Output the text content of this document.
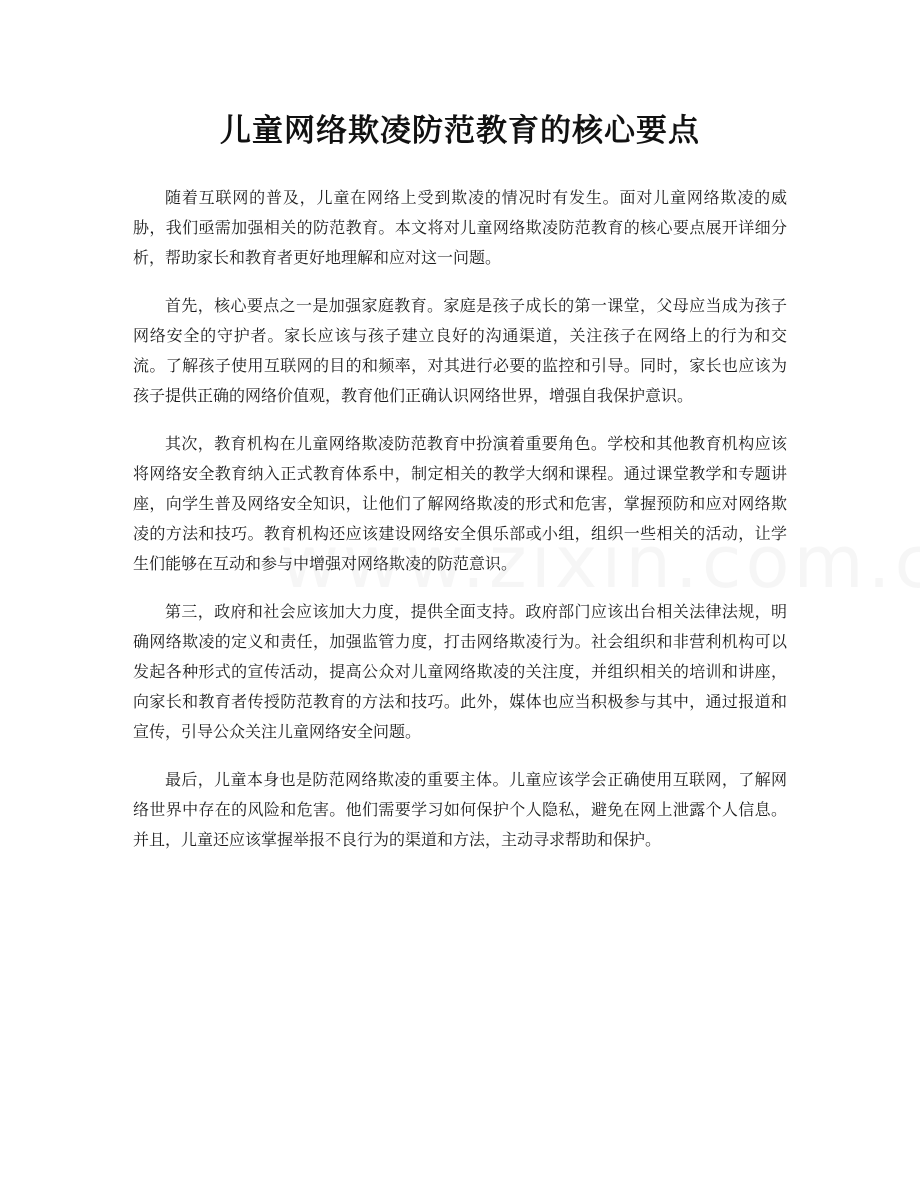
儿童网络欺凌防范教育的核心要点

随着互联网的普及，儿童在网络上受到欺凌的情况时有发生。面对儿童网络欺凌的威胁，我们亟需加强相关的防范教育。本文将对儿童网络欺凌防范教育的核心要点展开详细分析，帮助家长和教育者更好地理解和应对这一问题。

首先，核心要点之一是加强家庭教育。家庭是孩子成长的第一课堂，父母应当成为孩子网络安全的守护者。家长应该与孩子建立良好的沟通渠道，关注孩子在网络上的行为和交流。了解孩子使用互联网的目的和频率，对其进行必要的监控和引导。同时，家长也应该为孩子提供正确的网络价值观，教育他们正确认识网络世界，增强自我保护意识。

其次，教育机构在儿童网络欺凌防范教育中扮演着重要角色。学校和其他教育机构应该将网络安全教育纳入正式教育体系中，制定相关的教学大纲和课程。通过课堂教学和专题讲座，向学生普及网络安全知识，让他们了解网络欺凌的形式和危害，掌握预防和应对网络欺凌的方法和技巧。教育机构还应该建设网络安全俱乐部或小组，组织一些相关的活动，让学生们能够在互动和参与中增强对网络欺凌的防范意识。

第三，政府和社会应该加大力度，提供全面支持。政府部门应该出台相关法律法规，明确网络欺凌的定义和责任，加强监管力度，打击网络欺凌行为。社会组织和非营利机构可以发起各种形式的宣传活动，提高公众对儿童网络欺凌的关注度，并组织相关的培训和讲座，向家长和教育者传授防范教育的方法和技巧。此外，媒体也应当积极参与其中，通过报道和宣传，引导公众关注儿童网络安全问题。

最后，儿童本身也是防范网络欺凌的重要主体。儿童应该学会正确使用互联网，了解网络世界中存在的风险和危害。他们需要学习如何保护个人隐私，避免在网上泄露个人信息。并且，儿童还应该掌握举报不良行为的渠道和方法，主动寻求帮助和保护。
